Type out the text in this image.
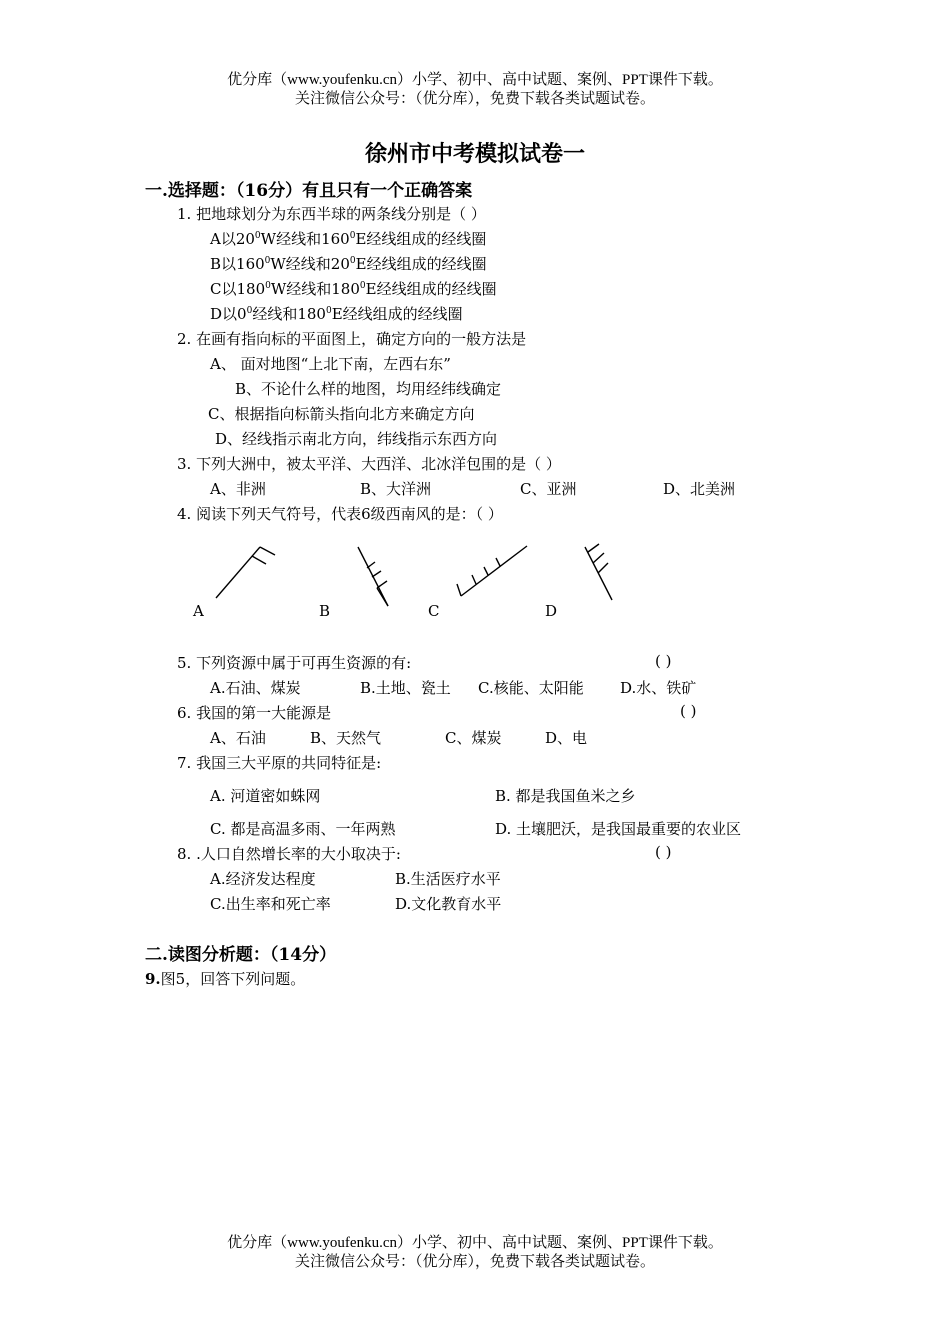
优分库（www.youfenku.cn）小学、初中、高中试题、案例、PPT课件下载。
关注微信公众号：（优分库），免费下载各类试题试卷。
徐州市中考模拟试卷一
一.选择题：（16分）有且只有一个正确答案
1. 把地球划分为东西半球的两条线分别是（ ）
A以$20^0W$经线和$160^0E$经线组成的经线圈
B以$160^0W$经线和$20^0E$经线组成的经线圈
C以$180^0W$经线和$180^0E$经线组成的经线圈
D以$0^0$经线和$180^0E$经线组成的经线圈
2. 在画有指向标的平面图上，确定方向的一般方法是
A、 面对地图“上北下南，左西右东”
B、不论什么样的地图，均用经纬线确定
C、根据指向标箭头指向北方来确定方向
D、经线指示南北方向，纬线指示东西方向
3. 下列大洲中，被太平洋、大西洋、北冰洋包围的是（ ）
A、非洲	B、大洋洲	C、亚洲	D、北美洲
4. 阅读下列天气符号，代表6级西南风的是：（ ）
A	B	C	D
5. 下列资源中属于可再生资源的有:	( )
A.石油、煤炭	B.土地、瓷土 C.核能、太阳能 D.水、铁矿
6. 我国的第一大能源是	( )
A、石油	B、天然气	C、煤炭	D、电
7. 我国三大平原的共同特征是:
A. 河道密如蛛网	B. 都是我国鱼米之乡
C. 都是高温多雨、一年两熟	D. 土壤肥沃，是我国最重要的农业区
8. .人口自然增长率的大小取决于:	( )
A.经济发达程度	B.生活医疗水平
C.出生率和死亡率	D.文化教育水平
二.读图分析题：（14分）
9.图5，回答下列问题。
优分库（www.youfenku.cn）小学、初中、高中试题、案例、PPT课件下载。
关注微信公众号：（优分库），免费下载各类试题试卷。
